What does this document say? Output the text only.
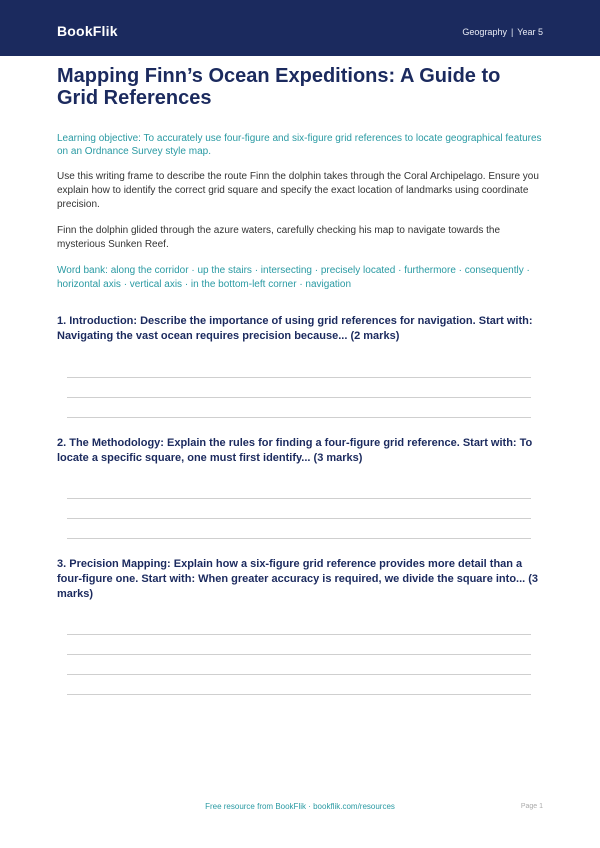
BookFlik	Geography | Year 5
Mapping Finn’s Ocean Expeditions: A Guide to Grid References

Learning objective: To accurately use four-figure and six-figure grid references to locate geographical features on an Ordnance Survey style map.

Use this writing frame to describe the route Finn the dolphin takes through the Coral Archipelago. Ensure you explain how to identify the correct grid square and specify the exact location of landmarks using coordinate precision.

Finn the dolphin glided through the azure waters, carefully checking his map to navigate towards the mysterious Sunken Reef.

Word bank: along the corridor · up the stairs · intersecting · precisely located · furthermore · consequently · horizontal axis · vertical axis · in the bottom-left corner · navigation

1. Introduction: Describe the importance of using grid references for navigation. Start with: Navigating the vast ocean requires precision because... (2 marks)

2. The Methodology: Explain the rules for finding a four-figure grid reference. Start with: To locate a specific square, one must first identify... (3 marks)

3. Precision Mapping: Explain how a six-figure grid reference provides more detail than a four-figure one. Start with: When greater accuracy is required, we divide the square into... (3 marks)

Free resource from BookFlik · bookflik.com/resources	Page 1
